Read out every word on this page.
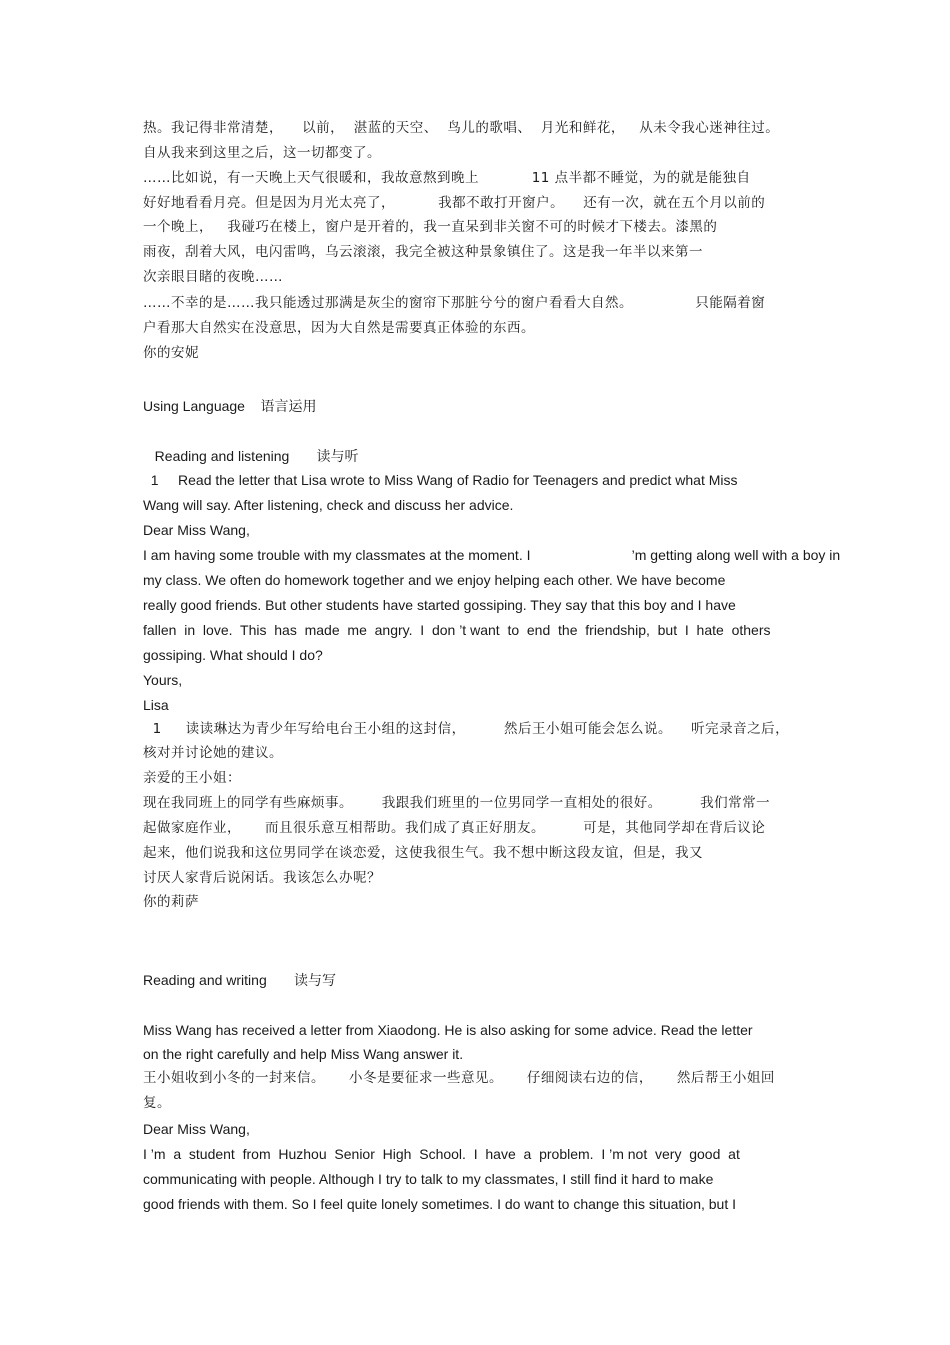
热。我记得非常清楚，    以前，  湛蓝的天空、  鸟儿的歌唱、  月光和鲜花，   从未令我心迷神往过。
自从我来到这里之后，这一切都变了。
……比如说，有一天晚上天气很暖和，我故意熬到晚上           11 点半都不睡觉，为的就是能独自
好好地看看月亮。但是因为月光太亮了，         我都不敢打开窗户。    还有一次，就在五个月以前的
一个晚上，   我碰巧在楼上，窗户是开着的，我一直呆到非关窗不可的时候才下楼去。漆黑的
雨夜，刮着大风，电闪雷鸣，乌云滚滚，我完全被这种景象镇住了。这是我一年半以来第一
次亲眼目睹的夜晚……
……不幸的是……我只能透过那满是灰尘的窗帘下那脏兮兮的窗户看看大自然。             只能隔着窗
户看那大自然实在没意思，因为大自然是需要真正体验的东西。
你的安妮
Using Language    语言运用
Reading and listening       读与听
1     Read the letter that Lisa wrote to Miss Wang of Radio for Teenagers and predict what Miss
Wang will say. After listening, check and discuss her advice.
Dear Miss Wang,
I am having some trouble with my classmates at the moment. I                          ’m getting along well with a boy in
my class. We often do homework together and we enjoy helping each other. We have become
really good friends. But other students have started gossiping. They say that this boy and I have
fallen  in  love.  This  has  made  me  angry.  I  don ’t want  to  end  the  friendship,  but  I  hate  others
gossiping. What should I do?
Yours,
Lisa
1     读读琳达为青少年写给电台王小组的这封信，        然后王小姐可能会怎么说。    听完录音之后，
核对并讨论她的建议。
亲爱的王小姐：
现在我同班上的同学有些麻烦事。      我跟我们班里的一位男同学一直相处的很好。        我们常常一
起做家庭作业，     而且很乐意互相帮助。我们成了真正好朋友。        可是，其他同学却在背后议论
起来，他们说我和这位男同学在谈恋爱，这使我很生气。我不想中断这段友谊，但是，我又
讨厌人家背后说闲话。我该怎么办呢？
你的莉萨
Reading and writing       读与写
Miss Wang has received a letter from Xiaodong. He is also asking for some advice. Read the letter
on the right carefully and help Miss Wang answer it.
王小姐收到小冬的一封来信。     小冬是要征求一些意见。     仔细阅读右边的信，     然后帮王小姐回
复。
Dear Miss Wang,
I ’m  a  student  from  Huzhou  Senior  High  School.  I  have  a  problem.  I ’m not  very  good  at
communicating with people. Although I try to talk to my classmates, I still find it hard to make
good friends with them. So I feel quite lonely sometimes. I do want to change this situation, but I
